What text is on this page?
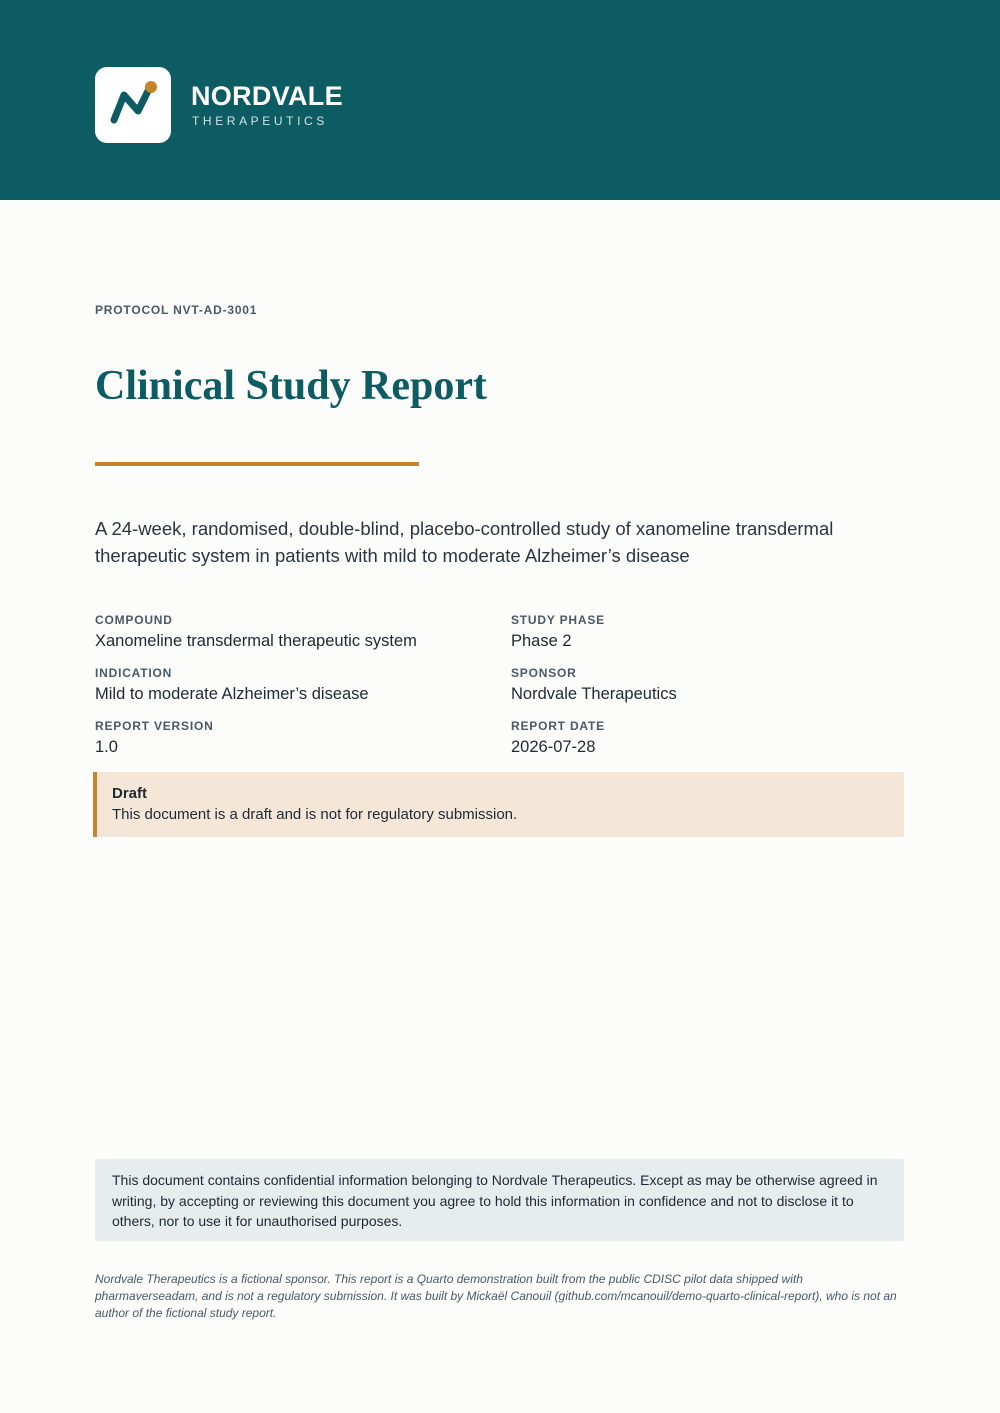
NORDVALE
THERAPEUTICS
PROTOCOL NVT-AD-3001
Clinical Study Report
A 24-week, randomised, double-blind, placebo-controlled study of xanomeline transdermal therapeutic system in patients with mild to moderate Alzheimer’s disease
COMPOUND
Xanomeline transdermal therapeutic system
STUDY PHASE
Phase 2
INDICATION
Mild to moderate Alzheimer’s disease
SPONSOR
Nordvale Therapeutics
REPORT VERSION
1.0
REPORT DATE
2026-07-28
Draft
This document is a draft and is not for regulatory submission.
This document contains confidential information belonging to Nordvale Therapeutics. Except as may be otherwise agreed in writing, by accepting or reviewing this document you agree to hold this information in confidence and not to disclose it to others, nor to use it for unauthorised purposes.
Nordvale Therapeutics is a fictional sponsor. This report is a Quarto demonstration built from the public CDISC pilot data shipped with pharmaverseadam, and is not a regulatory submission. It was built by Mickaël Canouil (github.com/mcanouil/demo-quarto-clinical-report), who is not an author of the fictional study report.
